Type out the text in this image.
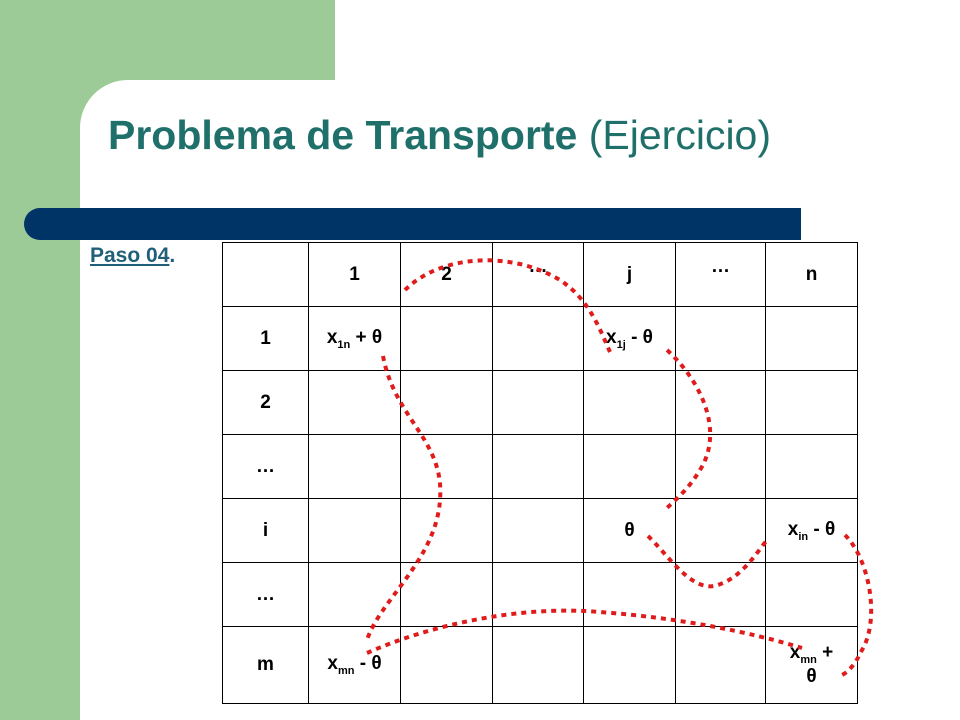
Problema de Transporte (Ejercicio)
Paso 04.
	1	2	…	j	…	n
1	$x_{1n} + \theta$			$x_{1j}$ - θ		
2						
…						
i				θ		$x_{in}$ - θ
…						
m	$x_{mn}$ - θ					$x_{mn}$ +
θ
